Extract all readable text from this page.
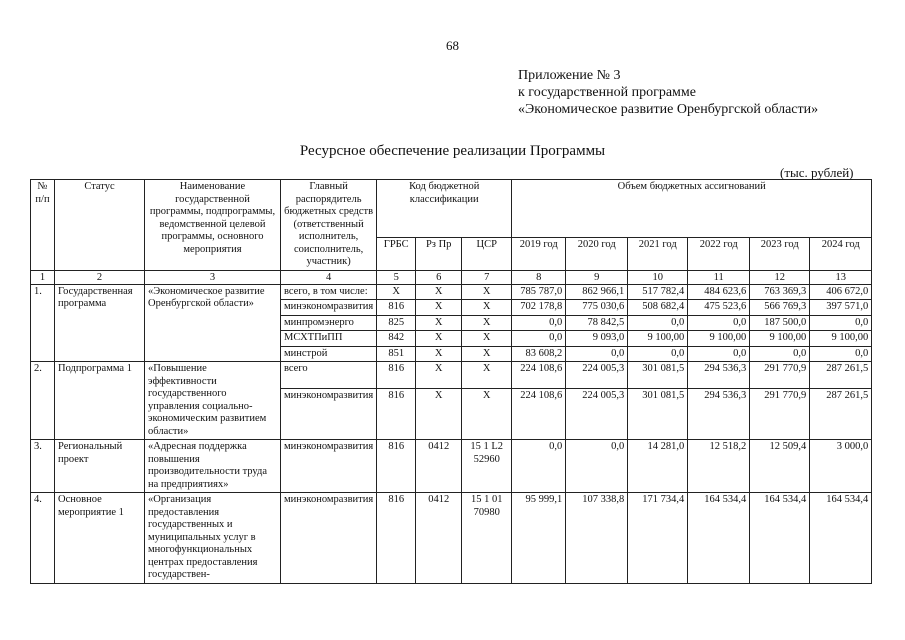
68
Приложение № 3
к государственной программе
«Экономическое развитие Оренбургской области»
Ресурсное обеспечение реализации Программы
(тыс. рублей)
№ п/п	Статус	Наименование государственной программы, подпрограммы, ведомственной целевой программы, основного мероприятия	Главный распорядитель бюджетных средств (ответственный исполнитель, соисполнитель, участник)	Код бюджетной классификации			Объем бюджетных ассигнований					
				ГРБС	Рз Пр	ЦСР	2019 год	2020 год	2021 год	2022 год	2023 год	2024 год
1	2	3	4	5	6	7	8	9	10	11	12	13
1.	Государственная программа	«Экономическое развитие Оренбургской области»	всего, в том числе:	X	X	X	785 787,0	862 966,1	517 782,4	484 623,6	763 369,3	406 672,0
			минэкономразвития	816	X	X	702 178,8	775 030,6	508 682,4	475 523,6	566 769,3	397 571,0
			минпромэнерго	825	X	X	0,0	78 842,5	0,0	0,0	187 500,0	0,0
			МСХТПиПП	842	X	X	0,0	9 093,0	9 100,00	9 100,00	9 100,00	9 100,00
			минстрой	851	X	X	83 608,2	0,0	0,0	0,0	0,0	0,0
2.	Подпрограмма 1	«Повышение эффективности государственного управления социально-экономическим развитием области»	всего	816	X	X	224 108,6	224 005,3	301 081,5	294 536,3	291 770,9	287 261,5
			минэкономразвития	816	X	X	224 108,6	224 005,3	301 081,5	294 536,3	291 770,9	287 261,5
3.	Региональный проект	«Адресная поддержка повышения производительности труда на предприятиях»	минэкономразвития	816	0412	15 1 L2 52960	0,0	0,0	14 281,0	12 518,2	12 509,4	3 000,0
4.	Основное мероприятие 1	«Организация предоставления государственных и муниципальных услуг в многофункциональных центрах предоставления государствен-	минэкономразвития	816	0412	15 1 01 70980	95 999,1	107 338,8	171 734,4	164 534,4	164 534,4	164 534,4
